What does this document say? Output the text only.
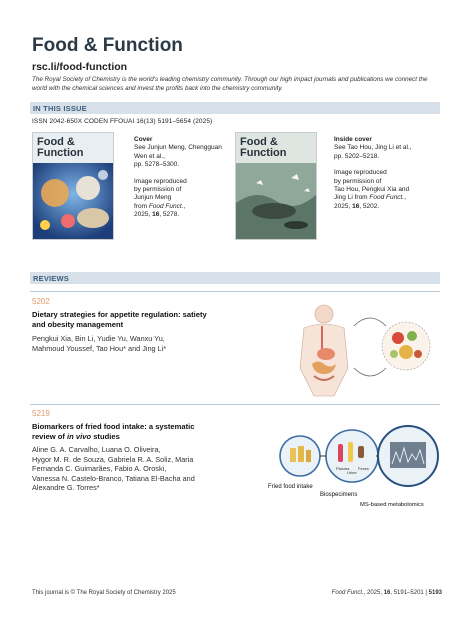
Food & Function
rsc.li/food-function
The Royal Society of Chemistry is the world's leading chemistry community. Through our high impact journals and publications we connect the world with the chemical sciences and invest the profits back into the chemistry community.
IN THIS ISSUE
ISSN 2042-650X CODEN FFOUAI 16(13) 5191–5654 (2025)
Food &
Function
Cover
See Junjun Meng, Chengguan Wen et al.,
pp. 5278–5300.
Image reproduced
by permission of
Junjun Meng
from Food Funct.,
2025, 16, 5278.
Food &
Function
Inside cover
See Tao Hou, Jing Li et al.,
pp. 5202–5218.
Image reproduced
by permission of
Tao Hou, Pengkui Xia and
Jing Li from Food Funct.,
2025, 16, 5202.
REVIEWS
5202
Dietary strategies for appetite regulation: satiety
and obesity management
Pengkui Xia, Bin Li, Yudie Yu, Wanxu Yu,
Mahmoud Youssef, Tao Hou* and Jing Li*
5219
Biomarkers of fried food intake: a systematic
review of in vivo studies
Aline G. A. Carvalho, Luana O. Oliveira,
Hygor M. R. de Souza, Gabriela R. A. Soliz, Maria
Fernanda C. Guimarães, Fabio A. Oroski,
Vanessa N. Castelo-Branco, Tatiana El-Bacha and
Alexandre G. Torres*
Plasma
Urine
Feces
Fried food intake
Biospecimens
MS-based metabolomics
This journal is © The Royal Society of Chemistry 2025	Food Funct., 2025, 16, 5191–5201 | 5193
